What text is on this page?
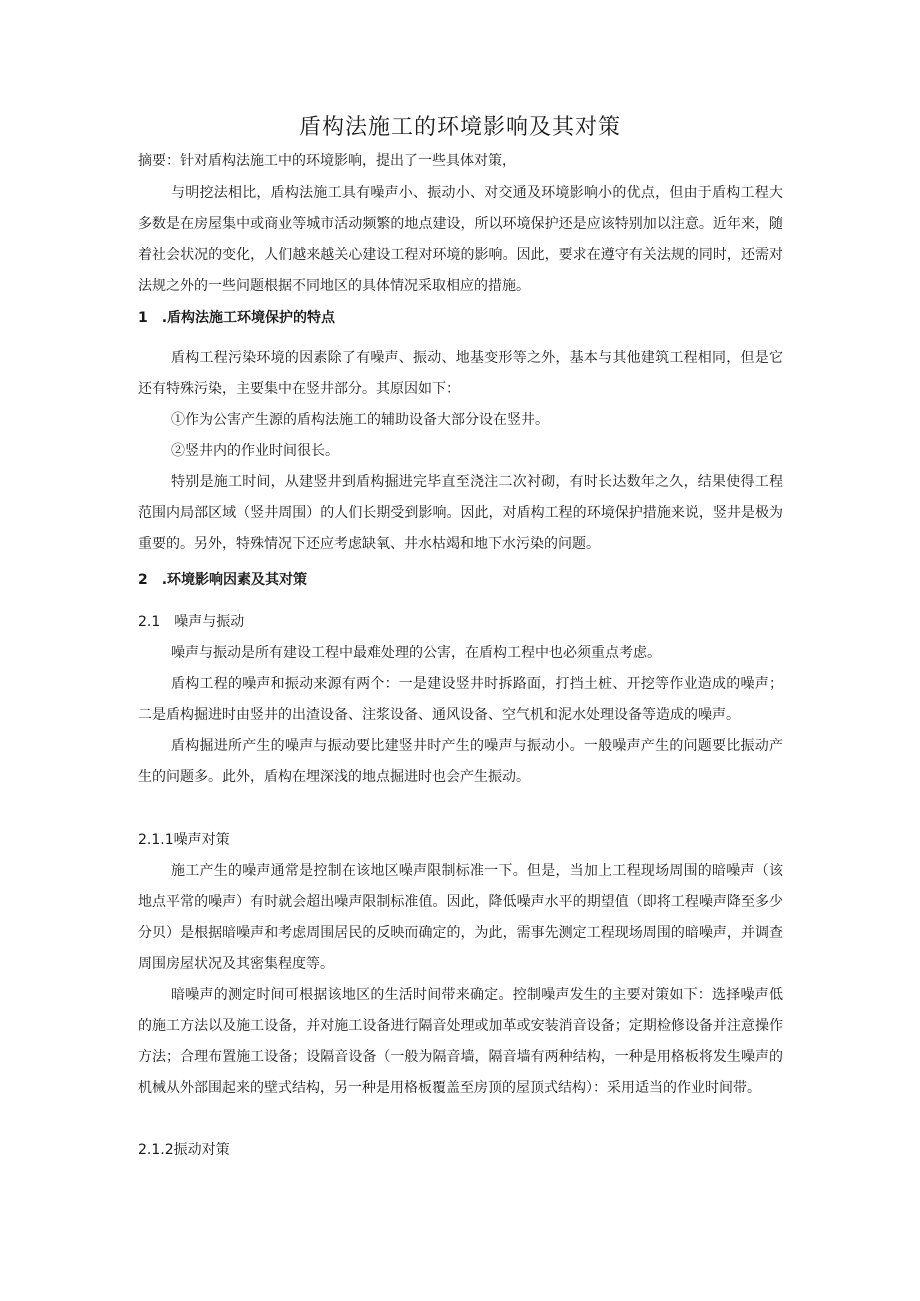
盾构法施工的环境影响及其对策

摘要：针对盾构法施工中的环境影响，提出了一些具体对策，

与明挖法相比，盾构法施工具有噪声小、振动小、对交通及环境影响小的优点，但由于盾构工程大多数是在房屋集中或商业等城市活动频繁的地点建设，所以环境保护还是应该特别加以注意。近年来，随着社会状况的变化，人们越来越关心建设工程对环境的影响。因此，要求在遵守有关法规的同时，还需对法规之外的一些问题根据不同地区的具体情况采取相应的措施。

1　.盾构法施工环境保护的特点

盾构工程污染环境的因素除了有噪声、振动、地基变形等之外，基本与其他建筑工程相同，但是它还有特殊污染，主要集中在竖井部分。其原因如下：

①作为公害产生源的盾构法施工的辅助设备大部分设在竖井。

②竖井内的作业时间很长。

特别是施工时间，从建竖井到盾构掘进完毕直至浇注二次衬砌，有时长达数年之久，结果使得工程范围内局部区域（竖井周围）的人们长期受到影响。因此，对盾构工程的环境保护措施来说，竖井是极为重要的。另外，特殊情况下还应考虑缺氧、井水枯竭和地下水污染的问题。

2　.环境影响因素及其对策
2.1　噪声与振动

噪声与振动是所有建设工程中最难处理的公害，在盾构工程中也必须重点考虑。

盾构工程的噪声和振动来源有两个：一是建设竖井时拆路面，打挡土桩、开挖等作业造成的噪声；二是盾构掘进时由竖井的出渣设备、注浆设备、通风设备、空气机和泥水处理设备等造成的噪声。

盾构掘进所产生的噪声与振动要比建竖井时产生的噪声与振动小。一般噪声产生的问题要比振动产生的问题多。此外，盾构在埋深浅的地点掘进时也会产生振动。

2.1.1噪声对策

施工产生的噪声通常是控制在该地区噪声限制标准一下。但是，当加上工程现场周围的暗噪声（该地点平常的噪声）有时就会超出噪声限制标准值。因此，降低噪声水平的期望值（即将工程噪声降至多少分贝）是根据暗噪声和考虑周围居民的反映而确定的，为此，需事先测定工程现场周围的暗噪声，并调查周围房屋状况及其密集程度等。

暗噪声的测定时间可根据该地区的生活时间带来确定。控制噪声发生的主要对策如下：选择噪声低的施工方法以及施工设备，并对施工设备进行隔音处理或加革或安装消音设备；定期检修设备并注意操作方法；合理布置施工设备；设隔音设备（一般为隔音墙，隔音墙有两种结构，一种是用格板将发生噪声的机械从外部围起来的壁式结构，另一种是用格板覆盖至房顶的屋顶式结构）：采用适当的作业时间带。

2.1.2振动对策
